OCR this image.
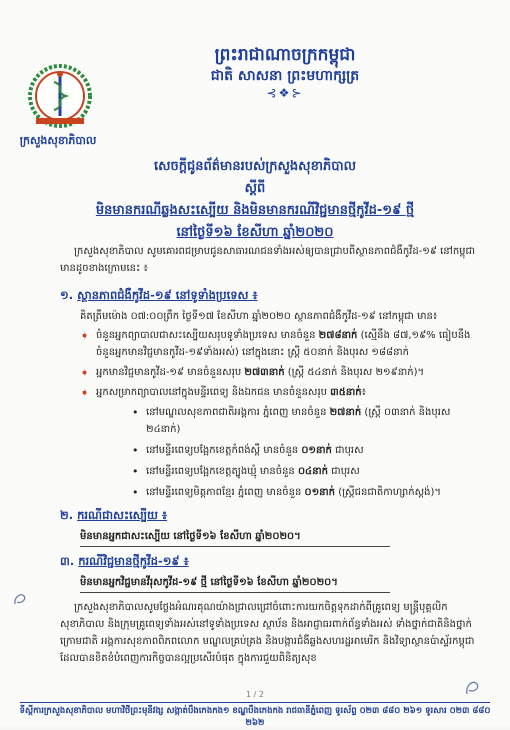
ក្រសួងសុខាភិបាល
ព្រះរាជាណាចក្រកម្ពុជា
ជាតិ សាសនា ព្រះមហាក្សត្រ
⊰❖⊱
សេចក្តីជូនព័ត៌មានរបស់ក្រសួងសុខាភិបាល
ស្តីពី
មិនមានករណីឆ្លងសះស្បើយ និងមិនមានករណីវិជ្ជមានថ្មីកូវីដ-១៩ ថ្មី
នៅថ្ងៃទី១៦ ខែសីហា ឆ្នាំ២០២០

ក្រសួងសុខាភិបាល សូមគោរពជម្រាបជូនសាធារណជនទាំងអស់ឲ្យបានជ្រាបពីស្ថានភាពជំងឺកូវីដ-១៩ នៅកម្ពុជា មានដូចខាងក្រោមនេះ ៖

១. ស្ថានភាពជំងឺកូវីដ-១៩ នៅទូទាំងប្រទេស ៖
គិតត្រឹមម៉ោង ០៧:០០ព្រឹក ថ្ងៃទី១៧ ខែសីហា ឆ្នាំ២០២០ ស្ថានភាពជំងឺកូវីដ-១៩ នៅកម្ពុជា មាន៖
➧ ចំនួនអ្នកព្យាបាលជាសះស្បើយសរុបទូទាំងប្រទេស មានចំនួន ២៧៨នាក់ (ស្មើនឹង ៨៧,១៩% ធៀបនឹងចំនួនអ្នកមានវិជ្ជមានកូវីដ-១៩ទាំងអស់) នៅក្នុងនោះ ស្ត្រី ៥០នាក់ និងបុរស ១៨៨នាក់
➧ អ្នកមានវិជ្ជមានកូវីដ-១៩ មានចំនួនសរុប ២៧៣នាក់ (ស្ត្រី ៥៤នាក់ និងបុរស ២១៩នាក់)។
➧ អ្នកសម្រាកព្យាបាលនៅក្នុងមន្ទីរពេទ្យ និងឯកជន មានចំនួនសរុប ៣៥នាក់៖
• នៅមណ្ឌលសុខភាពជាតិអង្គការ ភ្នំពេញ មានចំនួន ២៧នាក់ (ស្ត្រី ០៣នាក់ និងបុរស ២៤នាក់)
• នៅមន្ទីរពេទ្យបង្អែកខេត្តកំពង់ស្ពឺ មានចំនួន ០១នាក់ ជាបុរស
• នៅមន្ទីរពេទ្យបង្អែកខេត្តត្បូងឃ្មុំ មានចំនួន ០៤នាក់ ជាបុរស
• នៅមន្ទីរពេទ្យមិត្តភាពខ្មែរ ភ្នំពេញ មានចំនួន ០១នាក់ (ស្ត្រីជនជាតិកាហ្សាក់ស្តង់)។
២. ករណីជាសះស្បើយ ៖
មិនមានអ្នកជាសះស្បើយ នៅថ្ងៃទី១៦ ខែសីហា ឆ្នាំ២០២០។
៣. ករណីវិជ្ជមានថ្មីកូវីដ-១៩ ៖
មិនមានអ្នកវិជ្ជមានវីរុសកូវីដ-១៩ ថ្មី នៅថ្ងៃទី១៦ ខែសីហា ឆ្នាំ២០២០។

ក្រសួងសុខាភិបាលសូមថ្លែងអំណរគុណយ៉ាងជ្រាលជ្រៅចំពោះការយកចិត្តទុកដាក់ពីគ្រូពេទ្យ មន្ត្រីបុគ្គលិកសុខាភិបាល និងក្រុមគ្រូពេទ្យទាំងអស់នៅទូទាំងប្រទេស ស្ថាប័ន និងអាជ្ញាធរពាក់ព័ន្ធទាំងអស់ ទាំងថ្នាក់ជាតិនិងថ្នាក់ក្រោមជាតិ អង្គការសុខភាពពិភពលោក មណ្ឌលគ្រប់គ្រង និងបង្ការជំងឺឆ្លងសហរដ្ឋអាមេរិក និងវិទ្យាស្ថានប៉ាស្ទ័រកម្ពុជា ដែលបានខិតខំបំពេញការកិច្ចបានល្អប្រសើរបំផុត ក្នុងការជួយពិនិត្យសុខ

1 / 2
ទីស្តីការក្រសួងសុខាភិបាល មហាវិថីព្រះមុនីវង្ស សង្កាត់បឹងកេងកង១ ខណ្ឌបឹងកេងកង រាជធានីភ្នំពេញ ទូរស័ព្ទ ០២៣ ៨៨០ ២៦១ ទូរសារ ០២៣ ៨៨០ ២៦២
